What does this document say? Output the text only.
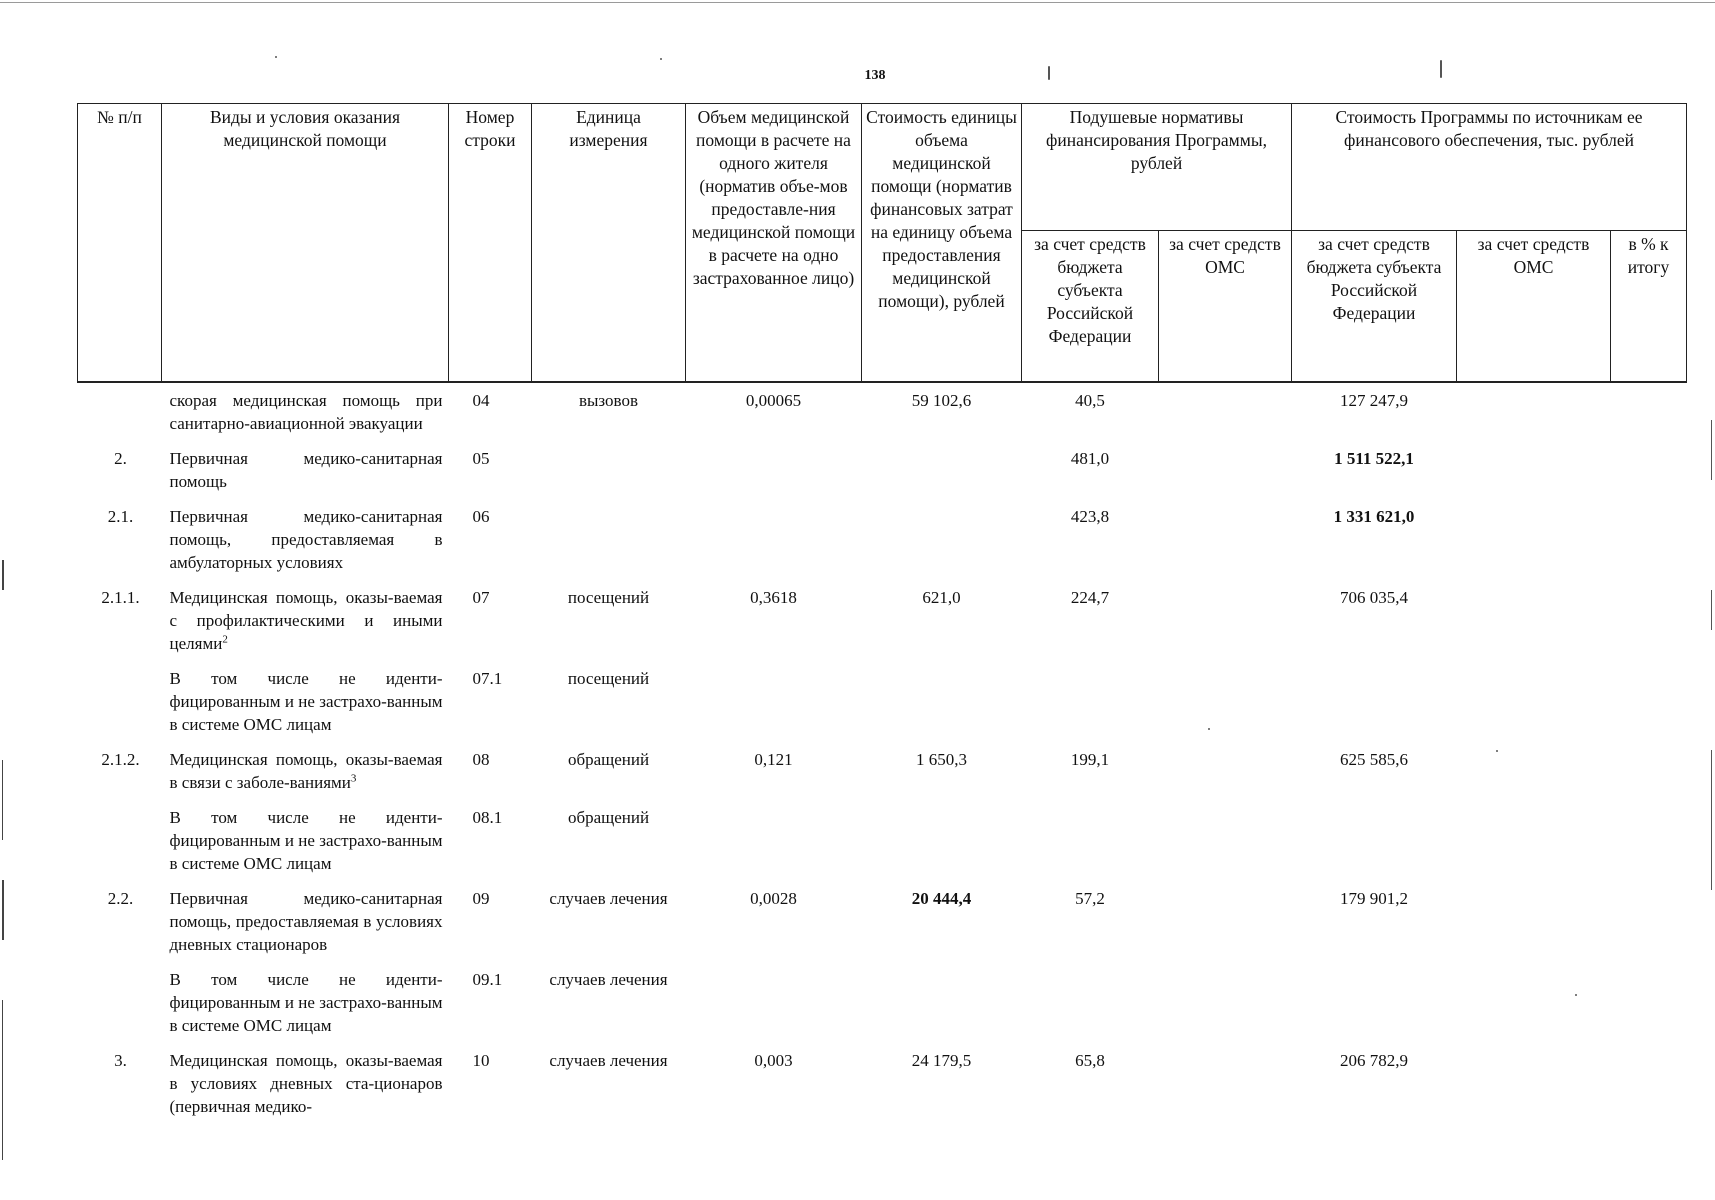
138
№ п/п	Виды и условия оказания медицинской помощи	Номер строки	Единица измерения	Объем медицинской помощи в расчете на одного жителя (норматив объе-мов предоставле-ния медицинской помощи в расчете на одно застрахованное лицо)	Стоимость единицы объема медицинской помощи (норматив финансовых затрат на единицу объема предоставления медицинской помощи), рублей	Подушевые нормативы финансирования Программы, рублей		Стоимость Программы по источникам ее финансового обеспечения, тыс. рублей		
						за счет средств бюджета субъекта Российской Федерации	за счет средств ОМС	за счет средств бюджета субъекта Российской Федерации	за счет средств ОМС	в % к итогу
	скорая медицинская помощь при санитарно-авиационной эвакуации	04	вызовов	0,00065	59 102,6	40,5		127 247,9		
2.	Первичная медико-санитарная помощь	05				481,0		1 511 522,1		
2.1.	Первичная медико-санитарная помощь, предоставляемая в амбулаторных условиях	06				423,8		1 331 621,0		
2.1.1.	Медицинская помощь, оказы-ваемая с профилактическими и иными целями$^2$	07	посещений	0,3618	621,0	224,7		706 035,4		
	В том числе не иденти-фицированным и не застрахо-ванным в системе ОМС лицам	07.1	посещений							
2.1.2.	Медицинская помощь, оказы-ваемая в связи с заболе-ваниями$^3$	08	обращений	0,121	1 650,3	199,1		625 585,6		
	В том числе не иденти-фицированным и не застрахо-ванным в системе ОМС лицам	08.1	обращений							
2.2.	Первичная медико-санитарная помощь, предоставляемая в условиях дневных стационаров	09	случаев лечения	0,0028	20 444,4	57,2		179 901,2		
	В том числе не иденти-фицированным и не застрахо-ванным в системе ОМС лицам	09.1	случаев лечения							
3.	Медицинская помощь, оказы-ваемая в условиях дневных ста-ционаров (первичная медико-	10	случаев лечения	0,003	24 179,5	65,8		206 782,9		
